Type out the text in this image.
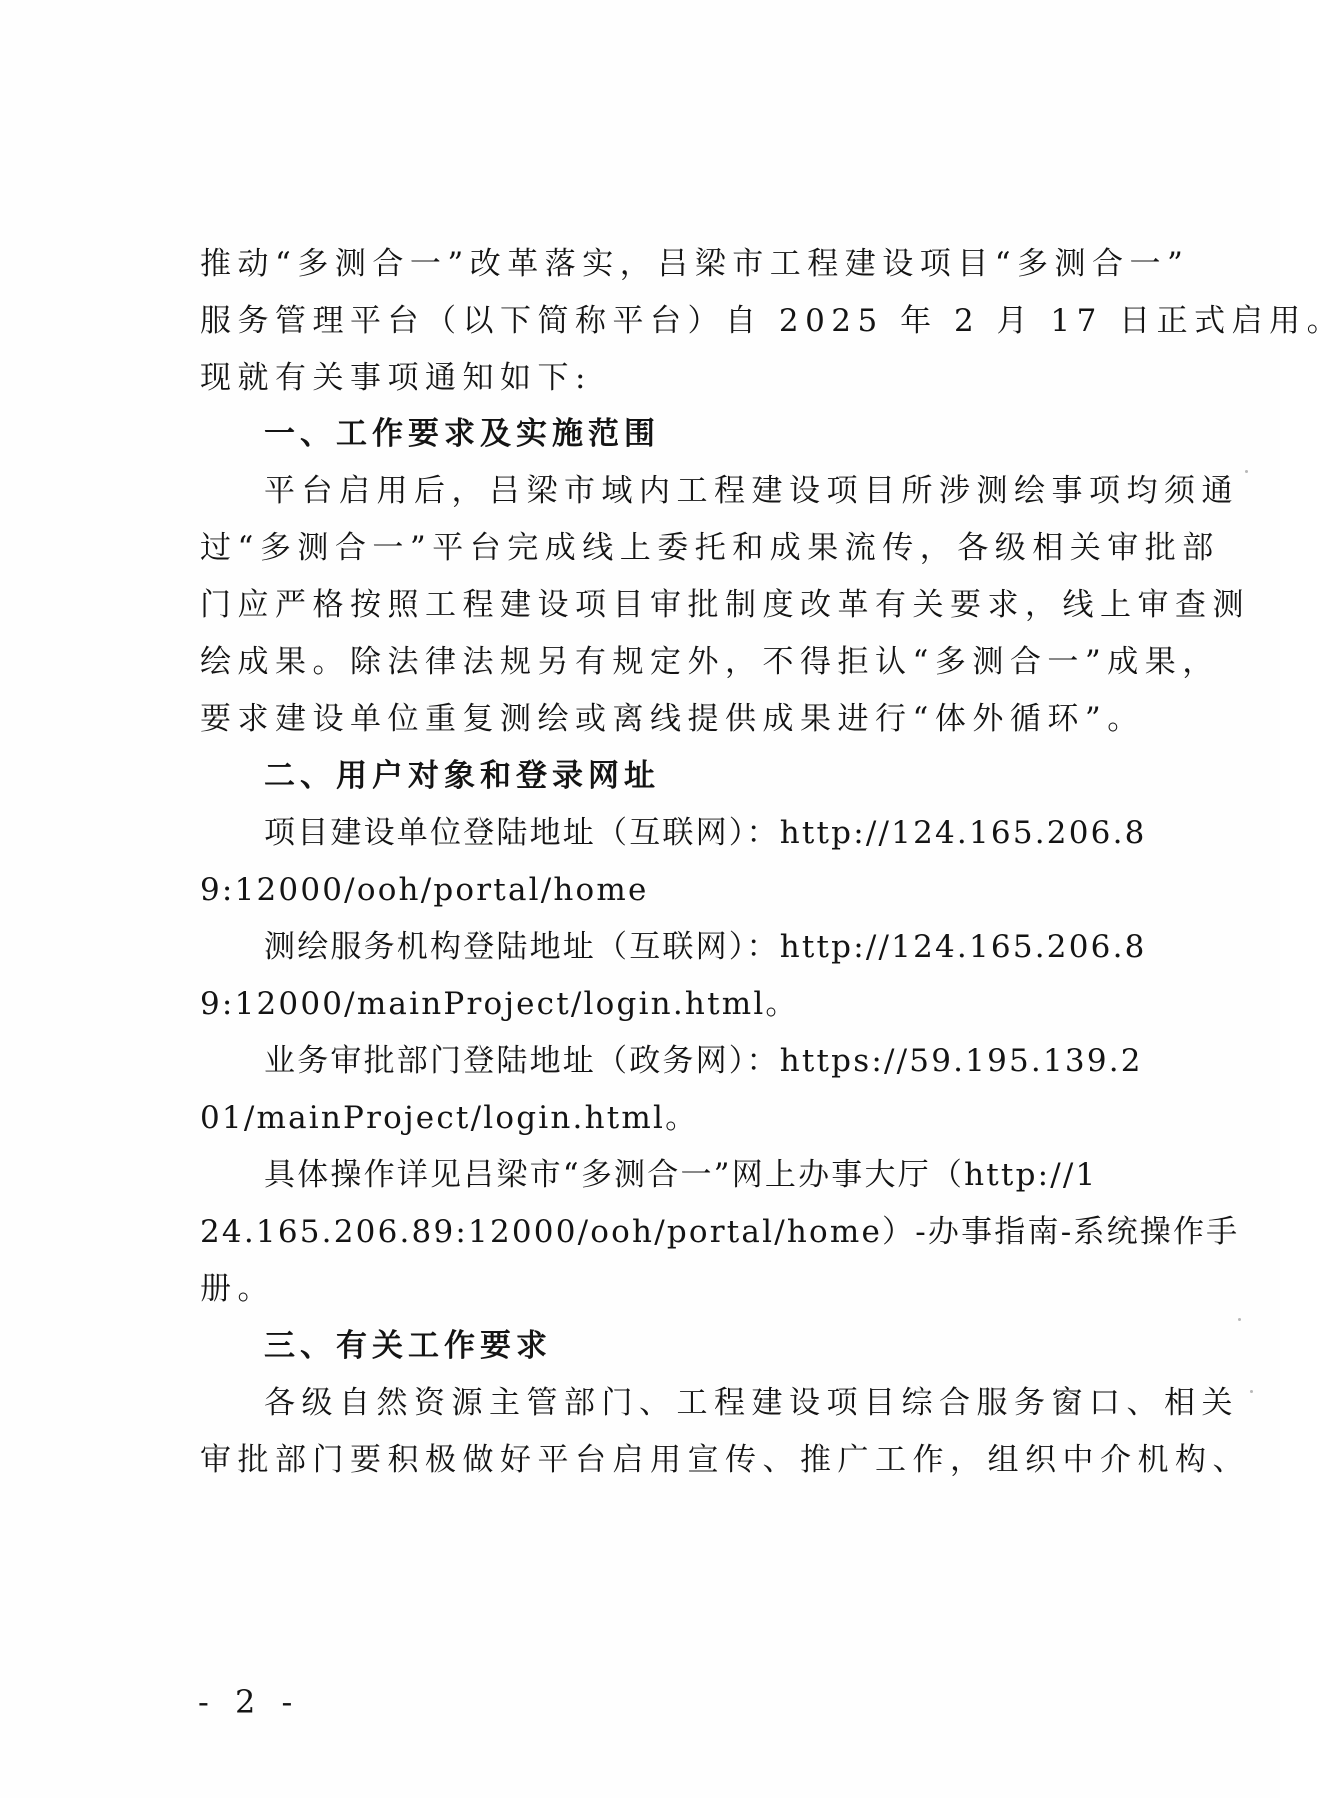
推动“多测合一”改革落实，吕梁市工程建设项目“多测合一”
服务管理平台（以下简称平台）自 2025 年 2 月 17 日正式启用。
现就有关事项通知如下:
一、工作要求及实施范围
平台启用后，吕梁市域内工程建设项目所涉测绘事项均须通
过“多测合一”平台完成线上委托和成果流传，各级相关审批部
门应严格按照工程建设项目审批制度改革有关要求，线上审查测
绘成果。除法律法规另有规定外，不得拒认“多测合一”成果，
要求建设单位重复测绘或离线提供成果进行“体外循环”。
二、用户对象和登录网址
项目建设单位登陆地址（互联网）：http://124.165.206.8
9:12000/ooh/portal/home
测绘服务机构登陆地址（互联网）：http://124.165.206.8
9:12000/mainProject/login.html。
业务审批部门登陆地址（政务网）：https://59.195.139.2
01/mainProject/login.html。
具体操作详见吕梁市“多测合一”网上办事大厅（http://1
24.165.206.89:12000/ooh/portal/home）-办事指南-系统操作手
册。
三、有关工作要求
各级自然资源主管部门、工程建设项目综合服务窗口、相关
审批部门要积极做好平台启用宣传、推广工作，组织中介机构、
- 2 -
